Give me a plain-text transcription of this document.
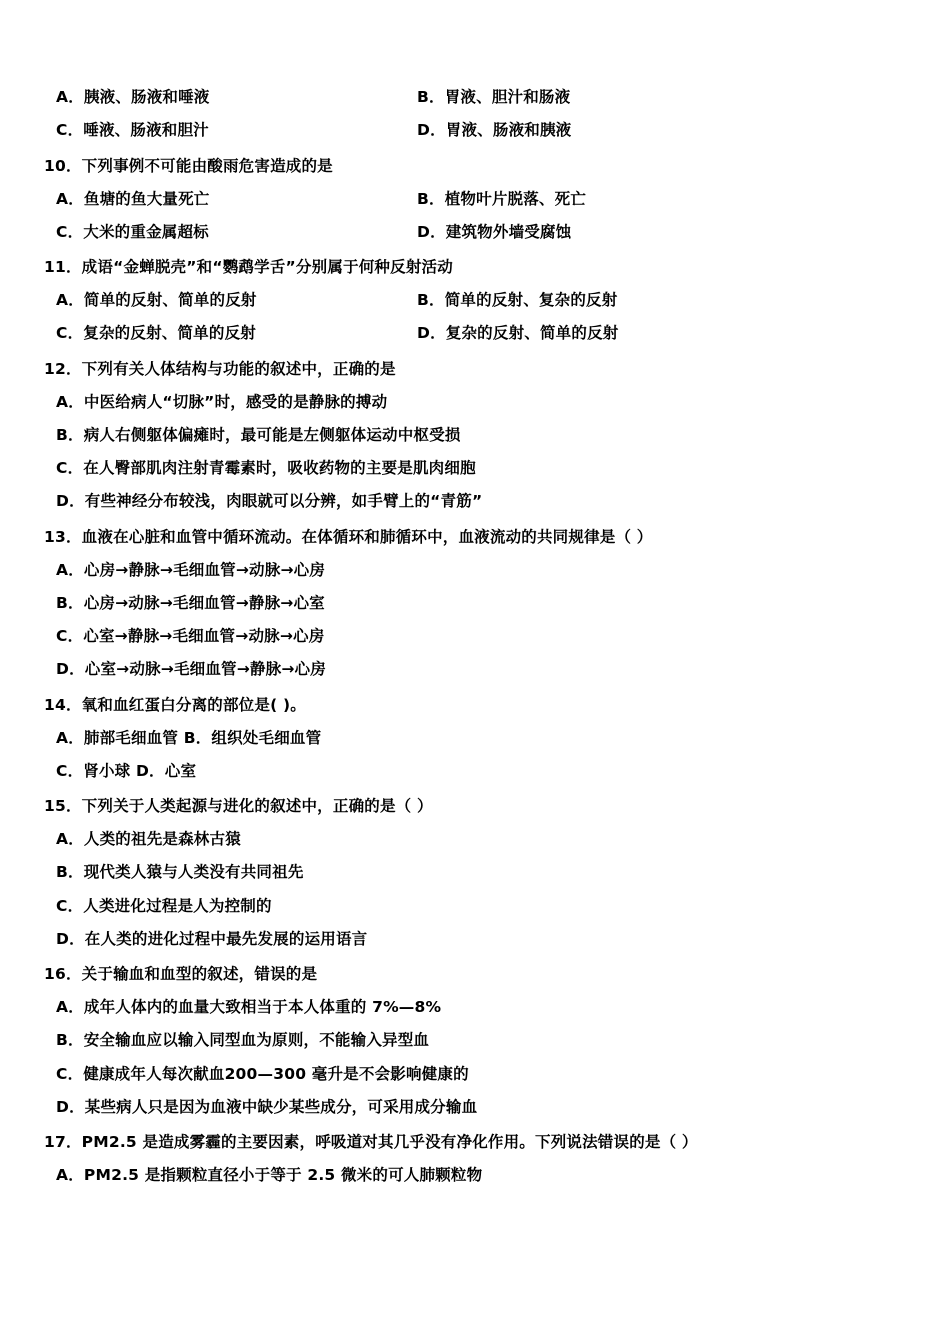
A．胰液、肠液和唾液	B．胃液、胆汁和肠液
C．唾液、肠液和胆汁	D．胃液、肠液和胰液
10．下列事例不可能由酸雨危害造成的是
A．鱼塘的鱼大量死亡	B．植物叶片脱落、死亡
C．大米的重金属超标	D．建筑物外墙受腐蚀
11．成语“金蝉脱壳”和“鹦鹉学舌”分别属于何种反射活动
A．简单的反射、简单的反射	B．简单的反射、复杂的反射
C．复杂的反射、简单的反射	D．复杂的反射、简单的反射
12．下列有关人体结构与功能的叙述中，正确的是
A．中医给病人“切脉”时，感受的是静脉的搏动
B．病人右侧躯体偏瘫时，最可能是左侧躯体运动中枢受损
C．在人臀部肌肉注射青霉素时，吸收药物的主要是肌肉细胞
D．有些神经分布较浅，肉眼就可以分辨，如手臂上的“青筋”
13．血液在心脏和血管中循环流动。在体循环和肺循环中，血液流动的共同规律是（ ）
A．心房→静脉→毛细血管→动脉→心房
B．心房→动脉→毛细血管→静脉→心室
C．心室→静脉→毛细血管→动脉→心房
D．心室→动脉→毛细血管→静脉→心房
14．氧和血红蛋白分离的部位是( )。
A．肺部毛细血管 B．组织处毛细血管
C．肾小球 D．心室
15．下列关于人类起源与进化的叙述中，正确的是（ ）
A．人类的祖先是森林古猿
B．现代类人猿与人类没有共同祖先
C．人类进化过程是人为控制的
D．在人类的进化过程中最先发展的运用语言
16．关于输血和血型的叙述，错误的是
A．成年人体内的血量大致相当于本人体重的 7%—8%
B．安全输血应以输入同型血为原则，不能输入异型血
C．健康成年人每次献血200—300 毫升是不会影响健康的
D．某些病人只是因为血液中缺少某些成分，可采用成分输血
17．PM2.5 是造成雾霾的主要因素，呼吸道对其几乎没有净化作用。下列说法错误的是（ ）
A．PM2.5 是指颗粒直径小于等于 2.5 微米的可人肺颗粒物
